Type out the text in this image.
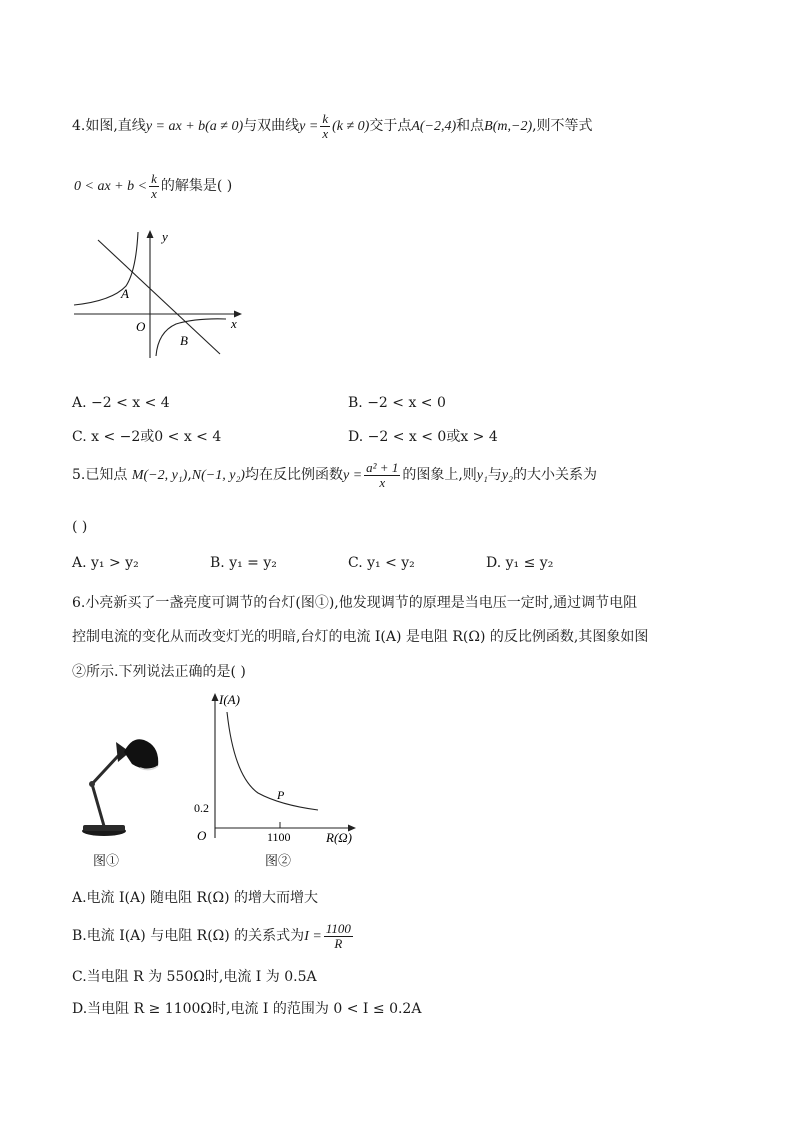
4.如图,直线y = ax + b(a ≠ 0)与双曲线$y = \frac{k}{x} (k \ne 0)$交于点A(−2,4)和点B(m,−2),则不等式
0 < ax + $b < \frac{k}{x}$ 的解集是( )
y
x
O
A
B
A. −2 < x < 4	B. −2 < x < 0
C. x < −2或0 < x < 4	D. −2 < x < 0或x > 4
5.已知点 M(−2, y₁),N(−1, y₂)均在反比例函数$y = \frac{\text{a² + 1}}{x}$ 的图象上,则y₁与y₂的大小关系为
( )
A. y₁ > y₂	B. y₁ = y₂	C. y₁ < y₂	D. y₁ ≤ y₂
6.小亮新买了一盏亮度可调节的台灯(图①),他发现调节的原理是当电压一定时,通过调节电阻
控制电流的变化从而改变灯光的明暗,台灯的电流 I(A) 是电阻 R(Ω) 的反比例函数,其图象如图
②所示.下列说法正确的是( )
图①
0.2
1100
O
I(A)
R(Ω)
P
图②
A.电流 I(A) 随电阻 R(Ω) 的增大而增大
B.电流 I(A) 与电阻 R(Ω) 的关系式为$I = \frac{1100}{R}$
C.当电阻 R 为 550Ω时,电流 I 为 0.5A
D.当电阻 R ≥ 1100Ω时,电流 I 的范围为 0 < I ≤ 0.2A
